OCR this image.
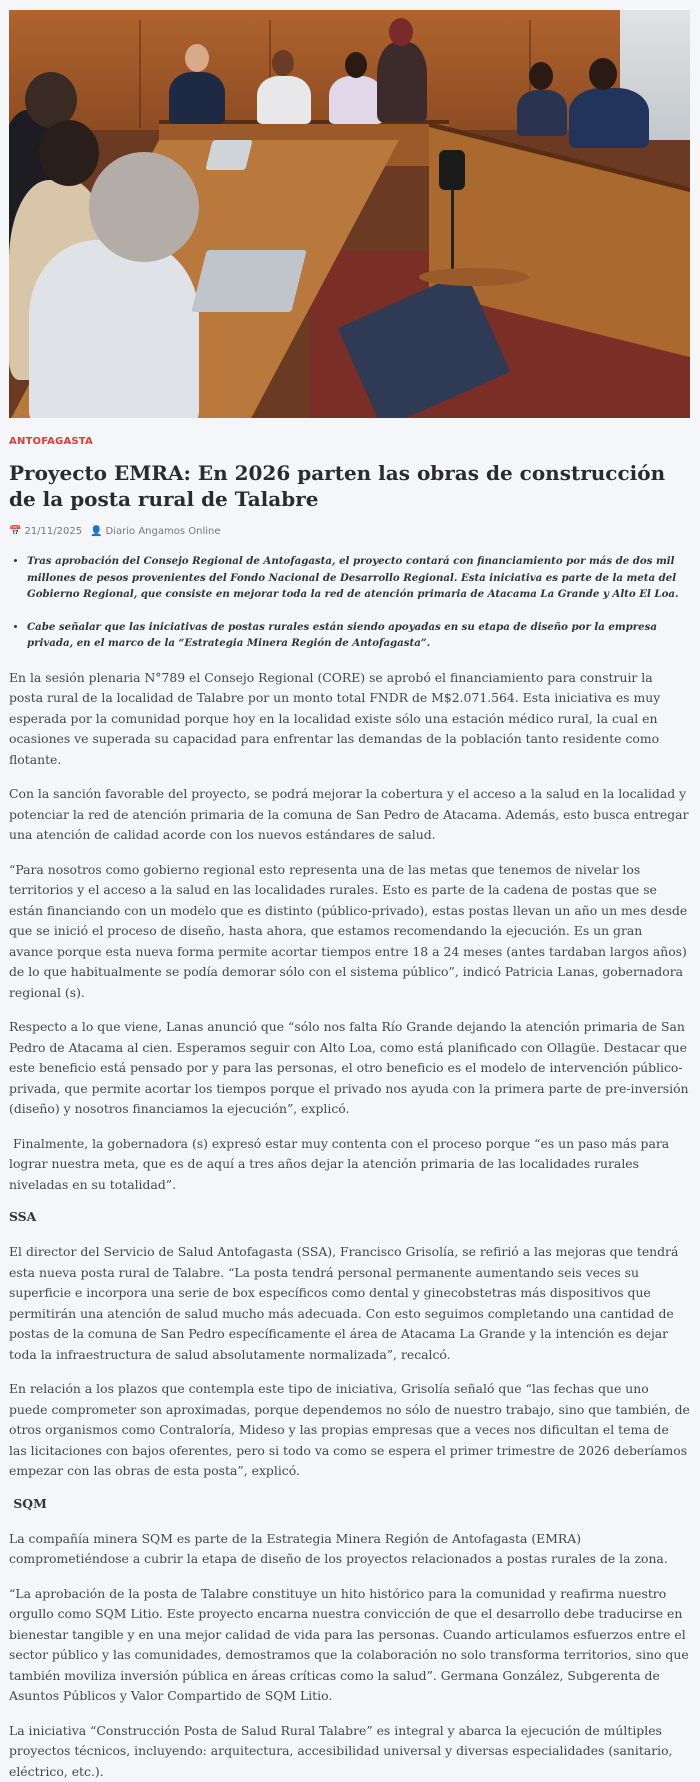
ANTOFAGASTA
Proyecto EMRA: En 2026 parten las obras de construcción de la posta rural de Talabre
📅 21/11/2025 👤 Diario Angamos Online
• Tras aprobación del Consejo Regional de Antofagasta, el proyecto contará con financiamiento por más de dos mil millones de pesos provenientes del Fondo Nacional de Desarrollo Regional. Esta iniciativa es parte de la meta del Gobierno Regional, que consiste en mejorar toda la red de atención primaria de Atacama La Grande y Alto El Loa.
• Cabe señalar que las iniciativas de postas rurales están siendo apoyadas en su etapa de diseño por la empresa privada, en el marco de la “Estrategia Minera Región de Antofagasta”.

En la sesión plenaria N°789 el Consejo Regional (CORE) se aprobó el financiamiento para construir la posta rural de la localidad de Talabre por un monto total FNDR de M$2.071.564. Esta iniciativa es muy esperada por la comunidad porque hoy en la localidad existe sólo una estación médico rural, la cual en ocasiones ve superada su capacidad para enfrentar las demandas de la población tanto residente como flotante.

Con la sanción favorable del proyecto, se podrá mejorar la cobertura y el acceso a la salud en la localidad y potenciar la red de atención primaria de la comuna de San Pedro de Atacama. Además, esto busca entregar una atención de calidad acorde con los nuevos estándares de salud.

“Para nosotros como gobierno regional esto representa una de las metas que tenemos de nivelar los territorios y el acceso a la salud en las localidades rurales. Esto es parte de la cadena de postas que se están financiando con un modelo que es distinto (público-privado), estas postas llevan un año un mes desde que se inició el proceso de diseño, hasta ahora, que estamos recomendando la ejecución. Es un gran avance porque esta nueva forma permite acortar tiempos entre 18 a 24 meses (antes tardaban largos años) de lo que habitualmente se podía demorar sólo con el sistema público”, indicó Patricia Lanas, gobernadora regional (s).

Respecto a lo que viene, Lanas anunció que “sólo nos falta Río Grande dejando la atención primaria de San Pedro de Atacama al cien. Esperamos seguir con Alto Loa, como está planificado con Ollagüe. Destacar que este beneficio está pensado por y para las personas, el otro beneficio es el modelo de intervención público-privada, que permite acortar los tiempos porque el privado nos ayuda con la primera parte de pre-inversión (diseño) y nosotros financiamos la ejecución”, explicó.

Finalmente, la gobernadora (s) expresó estar muy contenta con el proceso porque “es un paso más para lograr nuestra meta, que es de aquí a tres años dejar la atención primaria de las localidades rurales niveladas en su totalidad”.

SSA

El director del Servicio de Salud Antofagasta (SSA), Francisco Grisolía, se refirió a las mejoras que tendrá esta nueva posta rural de Talabre. “La posta tendrá personal permanente aumentando seis veces su superficie e incorpora una serie de box específicos como dental y ginecobstetras más dispositivos que permitirán una atención de salud mucho más adecuada. Con esto seguimos completando una cantidad de postas de la comuna de San Pedro específicamente el área de Atacama La Grande y la intención es dejar toda la infraestructura de salud absolutamente normalizada”, recalcó.

En relación a los plazos que contempla este tipo de iniciativa, Grisolía señaló que “las fechas que uno puede comprometer son aproximadas, porque dependemos no sólo de nuestro trabajo, sino que también, de otros organismos como Contraloría, Mideso y las propias empresas que a veces nos dificultan el tema de las licitaciones con bajos oferentes, pero si todo va como se espera el primer trimestre de 2026 deberíamos empezar con las obras de esta posta”, explicó.

SQM

La compañía minera SQM es parte de la Estrategia Minera Región de Antofagasta (EMRA) comprometiéndose a cubrir la etapa de diseño de los proyectos relacionados a postas rurales de la zona.

“La aprobación de la posta de Talabre constituye un hito histórico para la comunidad y reafirma nuestro orgullo como SQM Litio. Este proyecto encarna nuestra convicción de que el desarrollo debe traducirse en bienestar tangible y en una mejor calidad de vida para las personas. Cuando articulamos esfuerzos entre el sector público y las comunidades, demostramos que la colaboración no solo transforma territorios, sino que también moviliza inversión pública en áreas críticas como la salud”. Germana González, Subgerenta de Asuntos Públicos y Valor Compartido de SQM Litio.

La iniciativa “Construcción Posta de Salud Rural Talabre” es integral y abarca la ejecución de múltiples proyectos técnicos, incluyendo: arquitectura, accesibilidad universal y diversas especialidades (sanitario, eléctrico, etc.).
